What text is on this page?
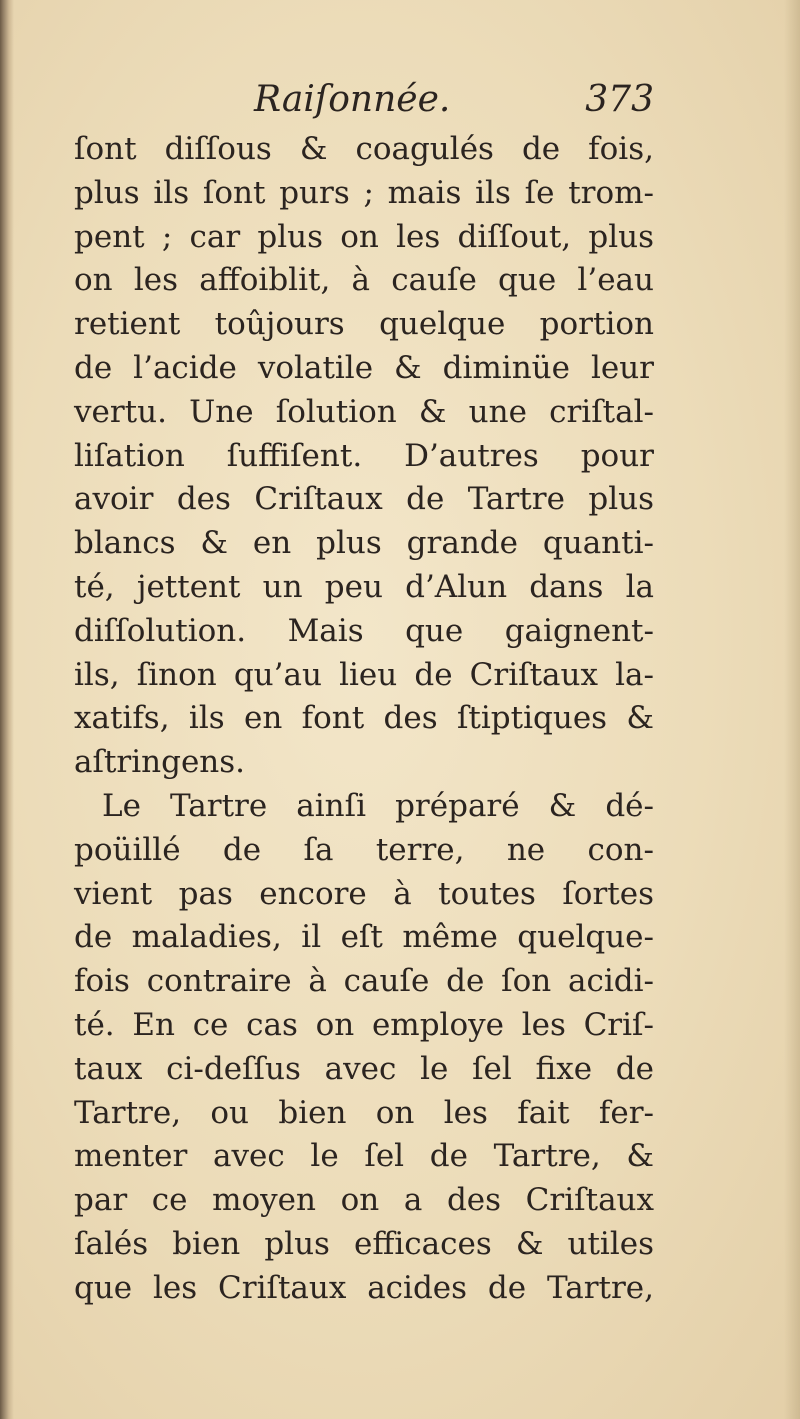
Raiſonnée.	373
ſont diſſous & coagulés de fois,
plus ils ſont purs ; mais ils ſe trom-
pent ; car plus on les diſſout, plus
on les affoiblit, à cauſe que l’eau
retient toûjours quelque portion
de l’acide volatile & diminüe leur
vertu. Une ſolution & une criſtal-
liſation ſuffiſent. D’autres pour
avoir des Criſtaux de Tartre plus
blancs & en plus grande quanti-
té, jettent un peu d’Alun dans la
diſſolution. Mais que gaignent-
ils, ſinon qu’au lieu de Criſtaux la-
xatifs, ils en font des ſtiptiques &
aſtringens.
Le Tartre ainſi préparé & dé-
poüillé de ſa terre, ne con-
vient pas encore à toutes ſortes
de maladies, il eſt même quelque-
fois contraire à cauſe de ſon acidi-
té. En ce cas on employe les Criſ-
taux ci-deſſus avec le ſel fixe de
Tartre, ou bien on les fait fer-
menter avec le ſel de Tartre, &
par ce moyen on a des Criſtaux
ſalés bien plus efficaces & utiles
que les Criſtaux acides de Tartre,
